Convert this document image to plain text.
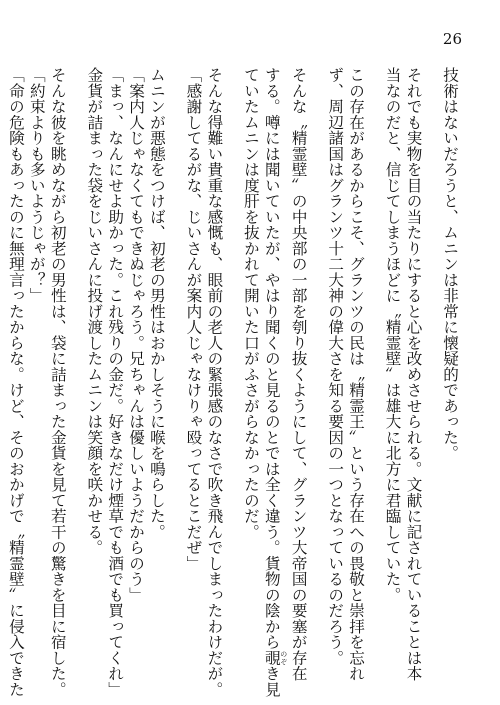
26
技術はないだろうと、ムニンは非常に懐疑的であった。
それでも実物を目の当たりにすると心を改めさせられる。文献に記されていることは本
当なのだと、信じてしまうほどに〝精霊壁〟は雄大に北方に君臨していた。
この存在があるからこそ、グランツの民は〝精霊王〟という存在への畏敬と崇拝を忘れ
ず、周辺諸国はグランツ十二大神の偉大さを知る要因の一つとなっているのだろう。
そんな〝精霊壁〟の中央部の一部を刳り抜くようにして、グランツ大帝国の要塞が存在
する。噂には聞いていたが、やはり聞くのと見るのとでは全く違う。貨物の陰から覗 のぞき見
ていたムニンは度肝を抜かれて開いた口がふさがらなかったのだ。
そんな得難い貴重な感慨も、眼前の老人の緊張感のなさで吹き飛んでしまったわけだが。
「感謝してるがな、じいさんが案内人じゃなけりゃ殴ってるとこだぜ」
ムニンが悪態をつけば、初老の男性はおかしそうに喉を鳴らした。
「案内人じゃなくてもできぬじゃろう。兄ちゃんは優しいようだからのう」
「まっ、なんにせよ助かった。これ残りの金だ。好きなだけ煙草でも酒でも買ってくれ」
金貨が詰まった袋をじいさんに投げ渡したムニンは笑顔を咲かせる。
そんな彼を眺めながら初老の男性は、袋に詰まった金貨を見て若干の驚きを目に宿した。
「約束よりも多いようじゃが？」
「命の危険もあったのに無理言ったからな。けど、そのおかげで〝精霊壁〟に侵入できた
